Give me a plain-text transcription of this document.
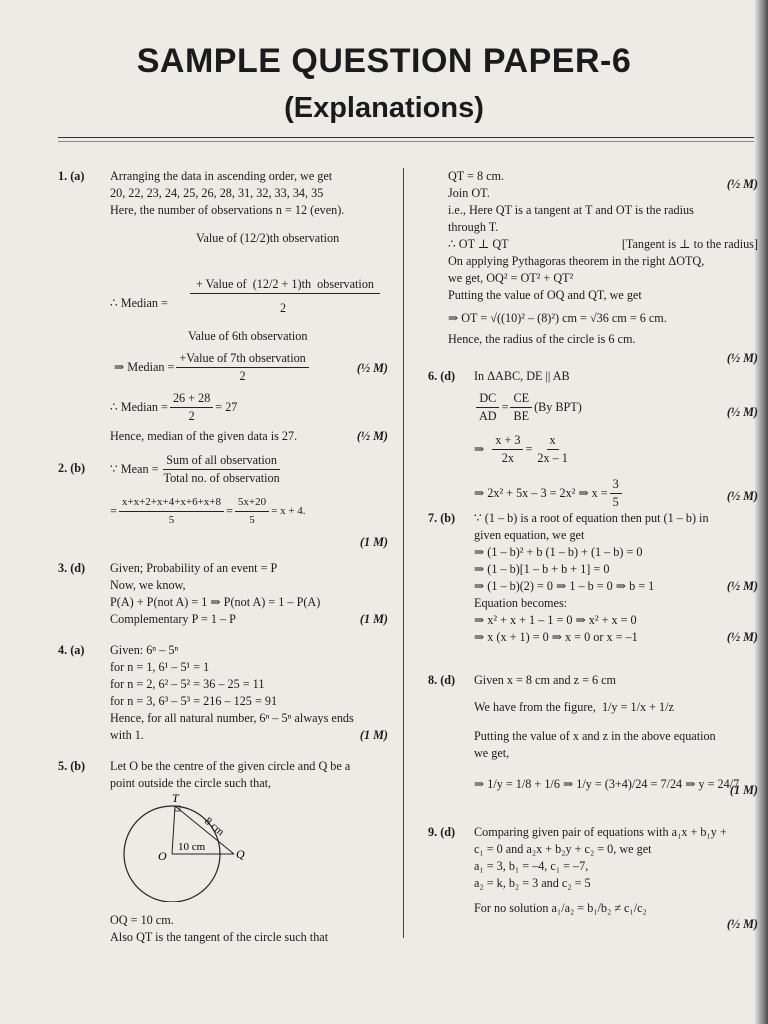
SAMPLE QUESTION PAPER-6
(Explanations)
1. (a) Arranging the data in ascending order, we get

20, 22, 23, 24, 25, 26, 28, 31, 32, 33, 34, 35

Here, the number of observations n = 12 (even).

Value of
(12/2)th
observation
∴ Median =
+ Value of (12/2 + 1)th observation
2
Value of 6th observation
⇒ Median = $\frac{\text{+Value of 7th observation}}{2}$	(½ M)
∴ Median = $\frac{26 + 28}{2} = 27$

Hence, median of the given data is 27.	(½ M)
2. (b) ∵ Mean = $\frac{\text{Sum of all observation}}{\text{Total no. of observation}}$
= $\frac{x+x+2+x+4+x+6+x+8}{5} = \frac{5x+20}{5} = x + 4$.
(1 M)
3. (d) Given; Probability of an event = P

Now, we know,

P(A) + P(not A) = 1 ⇒ P(not A) = 1 – P(A)

Complementary P = 1 – P	(1 M)
4. (a) Given: 6ⁿ – 5ⁿ

for n = 1, 6¹ – 5¹ = 1

for n = 2, 6² – 5² = 36 – 25 = 11

for n = 3, 6³ – 5³ = 216 – 125 = 91

Hence, for all natural number, 6ⁿ – 5ⁿ always ends

with 1.	(1 M)
5. (b) Let O be the centre of the given circle and Q be a

point outside the circle such that,

T
O	Q
10 cm
8 cm

OQ = 10 cm.

Also QT is the tangent of the circle such that

QT = 8 cm.

Join OT.

i.e., Here QT is a tangent at T and OT is the radius

through T.

∴ OT ⊥ QT	[Tangent is ⊥ to the radius]

On applying Pythagoras theorem in the right ΔOTQ,

we get, OQ² = OT² + QT²

Putting the value of OQ and QT, we get

⇒ OT = √((10)² – (8)²) cm = √36 cm = 6 cm.

Hence, the radius of the circle is 6 cm.

(½ M)
(½ M)
6. (d) In ΔABC, DE || AB

$\frac{DC}{AD} = \frac{CE}{BE} (By$ BPT)	(½ M)
⇒
$\frac{x + 3}{2x} = \frac{x}{2x - 1}$
⇒ 2x² + 5x – 3 = 2x² ⇒ $x = \frac{3}{5}$	(½ M)
7. (b) ∵ (1 – b) is a root of equation then put (1 – b) in

given equation, we get

⇒ (1 – b)² + b (1 – b) + (1 – b) = 0

⇒ (1 – b)[1 – b + b + 1] = 0

⇒ (1 – b)(2) = 0 ⇒ 1 – b = 0 ⇒ b = 1

Equation becomes:

⇒ x² + x + 1 – 1 = 0 ⇒ x² + x = 0

⇒ x (x + 1) = 0 ⇒ x = 0 or x = –1

(½ M)
(½ M)
8. (d) Given x = 8 cm and z = 6 cm

We have from the figure,
1/y = 1/x + 1/z

Putting the value of x and z in the above equation

we get,

⇒ 1/y = 1/8 + 1/6 ⇒ 1/y = (3+4)/24 = 7/24 ⇒ y = 24/7

(1 M)
9. (d) Comparing given pair of equations with a₁x + b₁y +

c₁ = 0 and a₂x + b₂y + c₂ = 0, we get

a₁ = 3, b₁ = –4, c₁ = –7,

a₂ = k, b₂ = 3 and c₂ = 5

For no solution a₁/a₂ = b₁/b₂ ≠ c₁/c₂

(½ M)
